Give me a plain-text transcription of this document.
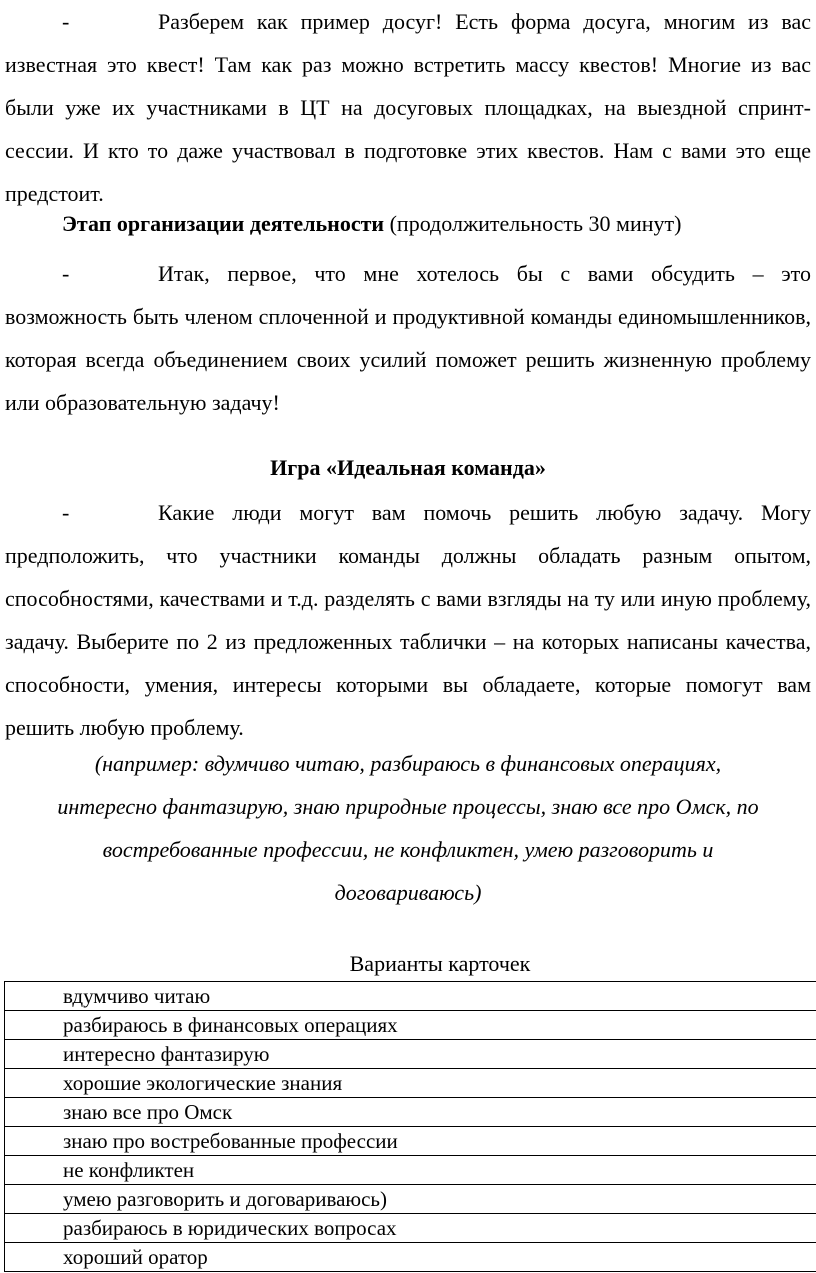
-	Разберем как пример досуг! Есть форма досуга, многим из вас известная это квест! Там как раз можно встретить массу квестов! Многие из вас были уже их участниками в ЦТ на досуговых площадках, на выездной спринт-сессии. И кто то даже участвовал в подготовке этих квестов. Нам с вами это еще предстоит.

Этап организации деятельности (продолжительность 30 минут)

-	Итак, первое, что мне хотелось бы с вами обсудить – это возможность быть членом сплоченной и продуктивной команды единомышленников, которая всегда объединением своих усилий поможет решить жизненную проблему или образовательную задачу!

Игра «Идеальная команда»

-	Какие люди могут вам помочь решить любую задачу. Могу предположить, что участники команды должны обладать разным опытом, способностями, качествами и т.д. разделять с вами взгляды на ту или иную проблему, задачу. Выберите по 2 из предложенных таблички – на которых написаны качества, способности, умения, интересы которыми вы обладаете, которые помогут вам решить любую проблему.

(например: вдумчиво читаю, разбираюсь в финансовых операциях,
интересно фантазирую, знаю природные процессы, знаю все про Омск, по
востребованные профессии, не конфликтен, умею разговорить и
договариваюсь)

Варианты карточек

вдумчиво читаю
разбираюсь в финансовых операциях
интересно фантазирую
хорошие экологические знания
знаю все про Омск
знаю про востребованные профессии
не конфликтен
умею разговорить и договариваюсь)
разбираюсь в юридических вопросах
хороший оратор
